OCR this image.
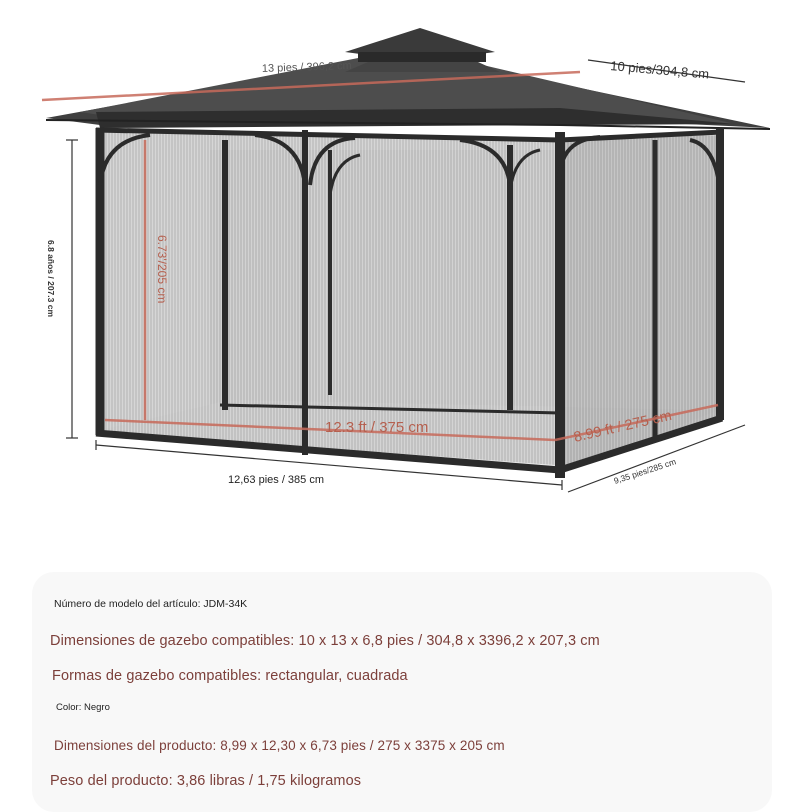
13 pies / 396,2 cm	10 pies/304,8 cm
6.8 años / 207.3 cm	6.73'/205 cm
12.3 ft / 375 cm	8.99 ft / 275 cm
12,63 pies / 385 cm	9,35 pies/285 cm
Número de modelo del artículo: JDM-34K
Dimensiones de gazebo compatibles: 10 x 13 x 6,8 pies / 304,8 x 3396,2 x 207,3 cm
Formas de gazebo compatibles: rectangular, cuadrada
Color: Negro
Dimensiones del producto: 8,99 x 12,30 x 6,73 pies / 275 x 3375 x 205 cm
Peso del producto: 3,86 libras / 1,75 kilogramos
